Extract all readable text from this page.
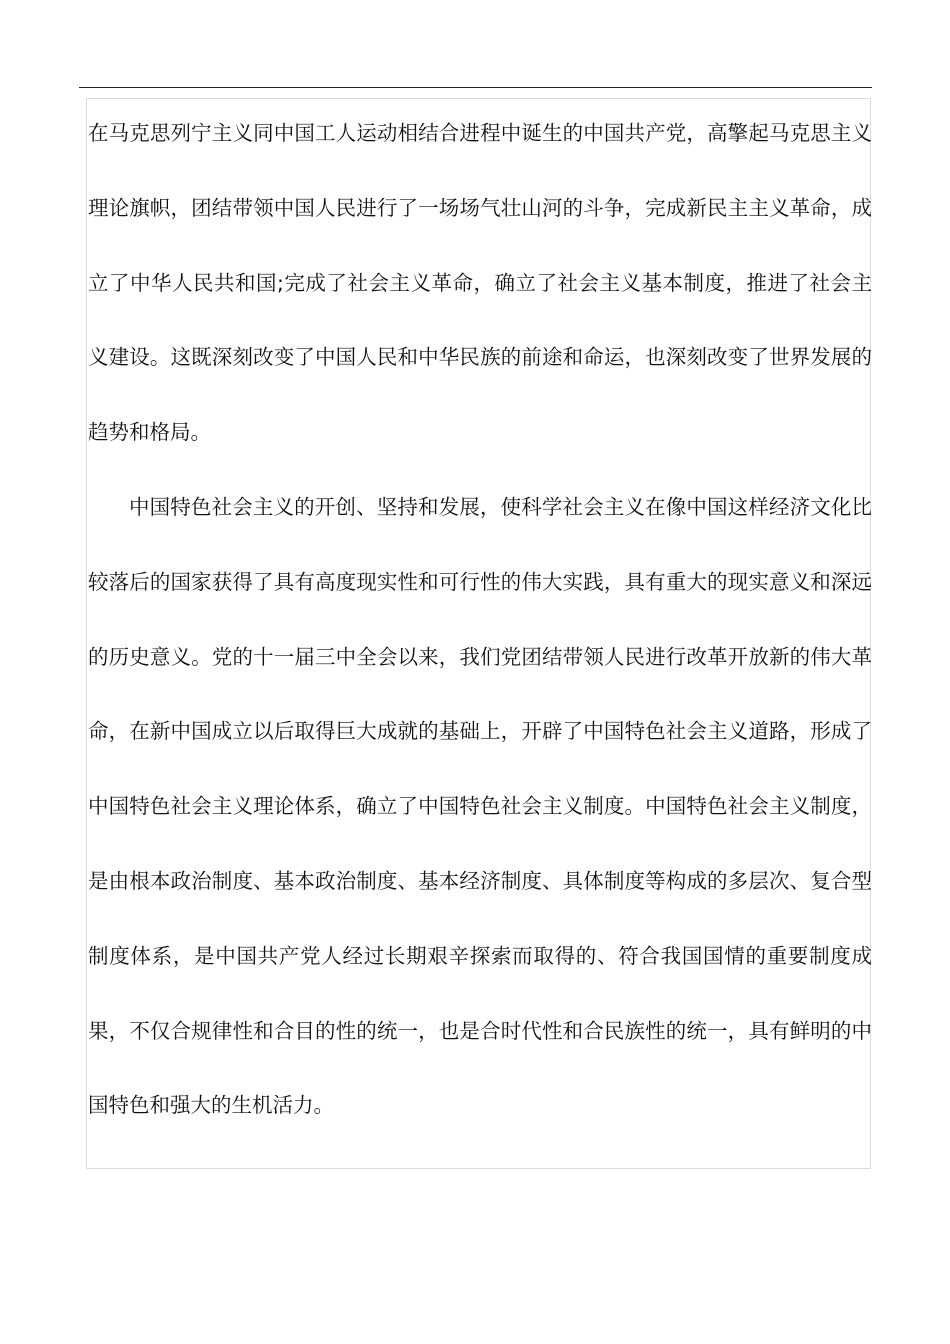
在马克思列宁主义同中国工人运动相结合进程中诞生的中国共产党，高擎起马克思主义理论旗帜，团结带领中国人民进行了一场场气壮山河的斗争，完成新民主主义革命，成立了中华人民共和国;完成了社会主义革命，确立了社会主义基本制度，推进了社会主义建设。这既深刻改变了中国人民和中华民族的前途和命运，也深刻改变了世界发展的趋势和格局。

中国特色社会主义的开创、坚持和发展，使科学社会主义在像中国这样经济文化比较落后的国家获得了具有高度现实性和可行性的伟大实践，具有重大的现实意义和深远的历史意义。党的十一届三中全会以来，我们党团结带领人民进行改革开放新的伟大革命，在新中国成立以后取得巨大成就的基础上，开辟了中国特色社会主义道路，形成了中国特色社会主义理论体系，确立了中国特色社会主义制度。中国特色社会主义制度，是由根本政治制度、基本政治制度、基本经济制度、具体制度等构成的多层次、复合型制度体系，是中国共产党人经过长期艰辛探索而取得的、符合我国国情的重要制度成果，不仅合规律性和合目的性的统一，也是合时代性和合民族性的统一，具有鲜明的中国特色和强大的生机活力。
